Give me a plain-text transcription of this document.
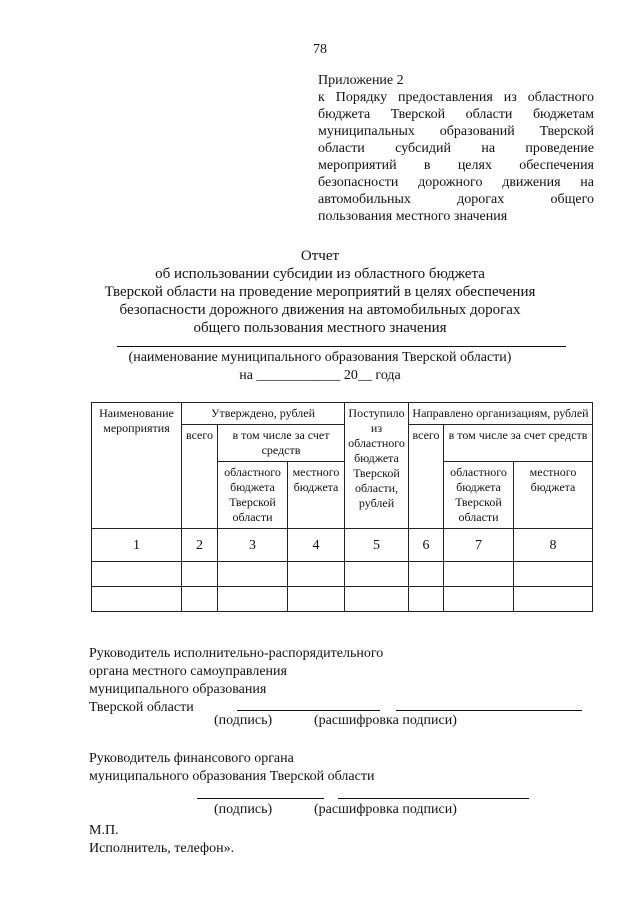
78
Приложение 2
к Порядку предоставления из областного
бюджета Тверской области бюджетам
муниципальных образований Тверской
области субсидий на проведение
мероприятий в целях обеспечения
безопасности дорожного движения на
автомобильных дорогах общего
пользования местного значения
Отчет
об использовании субсидии из областного бюджета
Тверской области на проведение мероприятий в целях обеспечения
безопасности дорожного движения на автомобильных дорогах
общего пользования местного значения
(наименование муниципального образования Тверской области)
на ____________ 20__ года
Наименование мероприятия	Утверждено, рублей			Поступило из областного бюджета Тверской области, рублей	Направлено организациям, рублей		
	всего	в том числе за счет средств			всего	в том числе за счет средств	
		областного бюджета Тверской области	местного бюджета			областного бюджета Тверской области	местного бюджета
1	2	3	4	5	6	7	8

Руководитель исполнительно-распорядительного
органа местного самоуправления
муниципального образования
Тверской области
(подпись)	(расшифровка подписи)
Руководитель финансового органа
муниципального образования Тверской области
(подпись)	(расшифровка подписи)
М.П.
Исполнитель, телефон».
